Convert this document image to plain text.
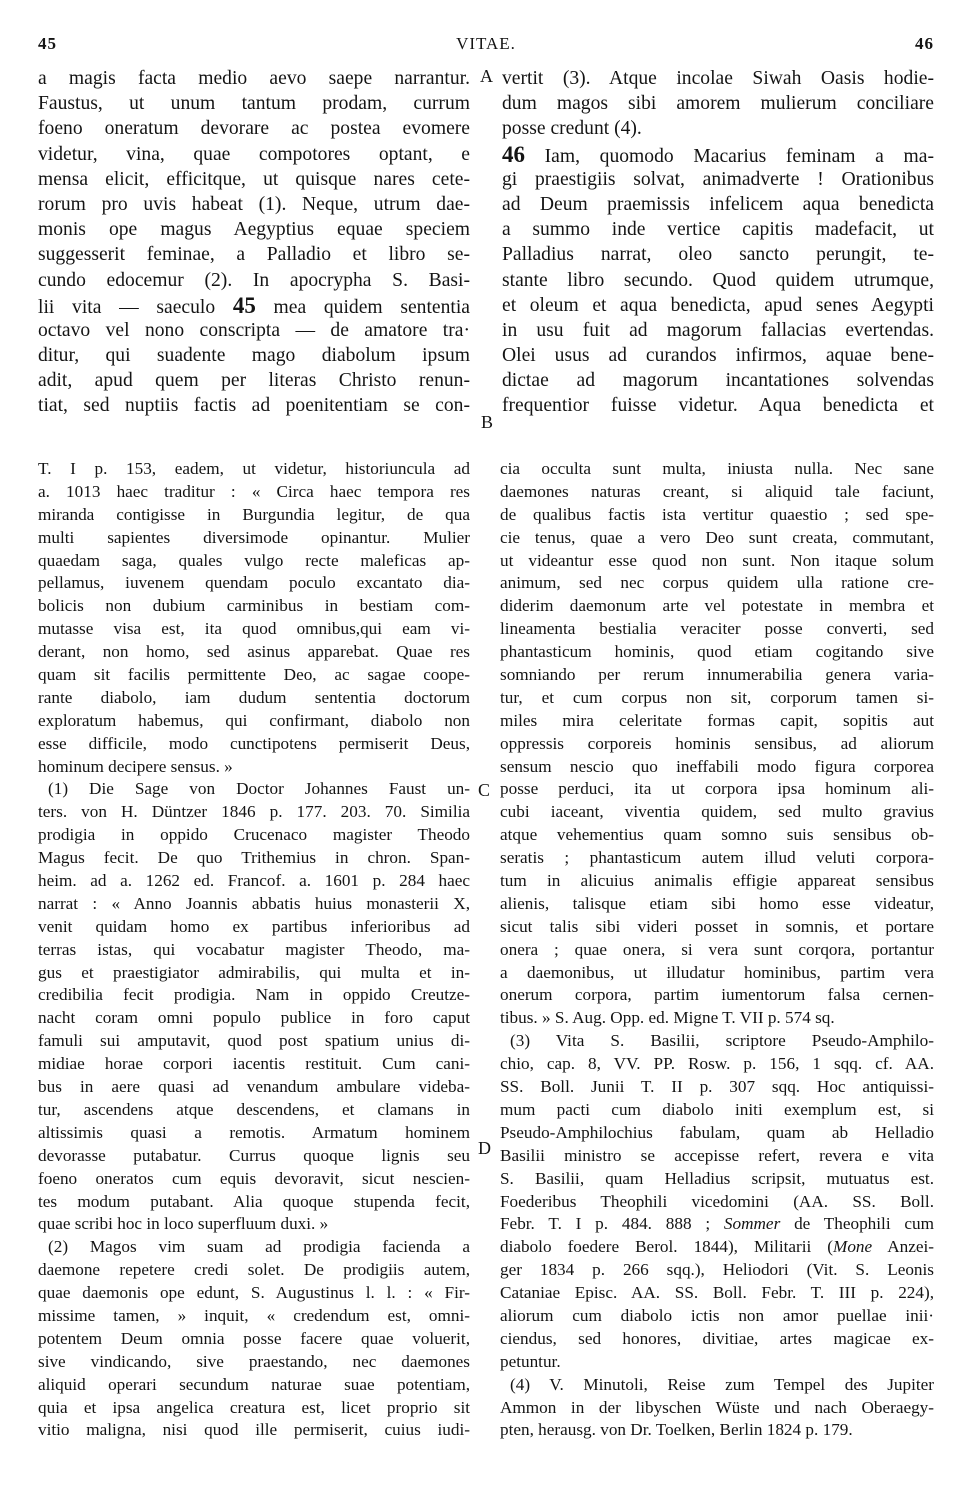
45	VITAE.	46
a magis facta medio aevo saepe narrantur.
Faustus, ut unum tantum prodam, currum
foeno oneratum devorare ac postea evomere
videtur, vina, quae compotores optant, e
mensa elicit, efficitque, ut quisque nares cete-
rorum pro uvis habeat (1). Neque, utrum dae-
monis ope magus Aegyptius equae speciem
suggesserit feminae, a Palladio et libro se-
cundo edocemur (2). In apocrypha S. Basi-
lii vita — saeculo 45 mea quidem sententia
octavo vel nono conscripta — de amatore tra·
ditur, qui suadente mago diabolum ipsum
adit, apud quem per literas Christo renun-
tiat, sed nuptiis factis ad poenitentiam se con-
vertit (3). Atque incolae Siwah Oasis hodie-
dum magos sibi amorem mulierum conciliare
posse credunt (4).
46 Iam, quomodo Macarius feminam a ma-
gi praestigiis solvat, animadverte ! Orationibus
ad Deum praemissis infelicem aqua benedicta
a summo inde vertice capitis madefacit, ut
Palladius narrat, oleo sancto perungit, te-
stante libro secundo. Quod quidem utrumque,
et oleum et aqua benedicta, apud senes Aegypti
in usu fuit ad magorum fallacias evertendas.
Olei usus ad curandos infirmos, aquae bene-
dictae ad magorum incantationes solvendas
frequentior fuisse videtur. Aqua benedicta et
T. I p. 153, eadem, ut videtur, historiuncula ad
a. 1013 haec traditur : « Circa haec tempora res
miranda contigisse in Burgundia legitur, de qua
multi sapientes diversimode opinantur. Mulier
quaedam saga, quales vulgo recte maleficas ap-
pellamus, iuvenem quendam poculo excantato dia-
bolicis non dubium carminibus in bestiam com-
mutasse visa est, ita quod omnibus,qui eam vi-
derant, non homo, sed asinus apparebat. Quae res
quam sit facilis permittente Deo, ac sagae coope-
rante diabolo, iam dudum sententia doctorum
exploratum habemus, qui confirmant, diabolo non
esse difficile, modo cunctipotens permiserit Deus,
hominum decipere sensus. »
(1) Die Sage von Doctor Johannes Faust un-
ters. von H. Düntzer 1846 p. 177. 203. 70. Similia
prodigia in oppido Crucenaco magister Theodo
Magus fecit. De quo Trithemius in chron. Span-
heim. ad a. 1262 ed. Francof. a. 1601 p. 284 haec
narrat : « Anno Joannis abbatis huius monasterii X,
venit quidam homo ex partibus inferioribus ad
terras istas, qui vocabatur magister Theodo, ma-
gus et praestigiator admirabilis, qui multa et in-
credibilia fecit prodigia. Nam in oppido Creutze-
nacht coram omni populo publice in foro caput
famuli sui amputavit, quod post spatium unius di-
midiae horae corpori iacentis restituit. Cum cani-
bus in aere quasi ad venandum ambulare videba-
tur, ascendens atque descendens, et clamans in
altissimis quasi a remotis. Armatum hominem
devorasse putabatur. Currus quoque lignis seu
foeno oneratos cum equis devoravit, sicut nescien-
tes modum putabant. Alia quoque stupenda fecit,
quae scribi hoc in loco superfluum duxi. »
(2) Magos vim suam ad prodigia facienda a
daemone repetere credi solet. De prodigiis autem,
quae daemonis ope edunt, S. Augustinus l. l. : « Fir-
missime tamen, » inquit, « credendum est, omni-
potentem Deum omnia posse facere quae voluerit,
sive vindicando, sive praestando, nec daemones
aliquid operari secundum naturae suae potentiam,
quia et ipsa angelica creatura est, licet proprio sit
vitio maligna, nisi quod ille permiserit, cuius iudi-
cia occulta sunt multa, iniusta nulla. Nec sane
daemones naturas creant, si aliquid tale faciunt,
de qualibus factis ista vertitur quaestio ; sed spe-
cie tenus, quae a vero Deo sunt creata, commutant,
ut videantur esse quod non sunt. Non itaque solum
animum, sed nec corpus quidem ulla ratione cre-
diderim daemonum arte vel potestate in membra et
lineamenta bestialia veraciter posse converti, sed
phantasticum hominis, quod etiam cogitando sive
somniando per rerum innumerabilia genera varia-
tur, et cum corpus non sit, corporum tamen si-
miles mira celeritate formas capit, sopitis aut
oppressis corporeis hominis sensibus, ad aliorum
sensum nescio quo ineffabili modo figura corporea
posse perduci, ita ut corpora ipsa hominum ali-
cubi iaceant, viventia quidem, sed multo gravius
atque vehementius quam somno suis sensibus ob-
seratis ; phantasticum autem illud veluti corpora-
tum in alicuius animalis effigie appareat sensibus
alienis, talisque etiam sibi homo esse videatur,
sicut talis sibi videri posset in somnis, et portare
onera ; quae onera, si vera sunt corqora, portantur
a daemonibus, ut illudatur hominibus, partim vera
onerum corpora, partim iumentorum falsa cernen-
tibus. » S. Aug. Opp. ed. Migne T. VII p. 574 sq.
(3) Vita S. Basilii, scriptore Pseudo-Amphilo-
chio, cap. 8, VV. PP. Rosw. p. 156, 1 sqq. cf. AA.
SS. Boll. Junii T. II p. 307 sqq. Hoc antiquissi-
mum pacti cum diabolo initi exemplum est, si
Pseudo-Amphilochius fabulam, quam ab Helladio
Basilii ministro se accepisse refert, revera e vita
S. Basilii, quam Helladius scripsit, mutuatus est.
Foederibus Theophili vicedomini (AA. SS. Boll.
Febr. T. I p. 484. 888 ; Sommer de Theophili cum
diabolo foedere Berol. 1844), Militarii (Mone Anzei-
ger 1834 p. 266 sqq.), Heliodori (Vit. S. Leonis
Cataniae Episc. AA. SS. Boll. Febr. T. III p. 224),
aliorum cum diabolo ictis non amor puellae inii·
ciendus, sed honores, divitiae, artes magicae ex-
petuntur.
(4) V. Minutoli, Reise zum Tempel des Jupiter
Ammon in der libyschen Wüste und nach Oberaegy-
pten, herausg. von Dr. Toelken, Berlin 1824 p. 179.
A
B
C
D
